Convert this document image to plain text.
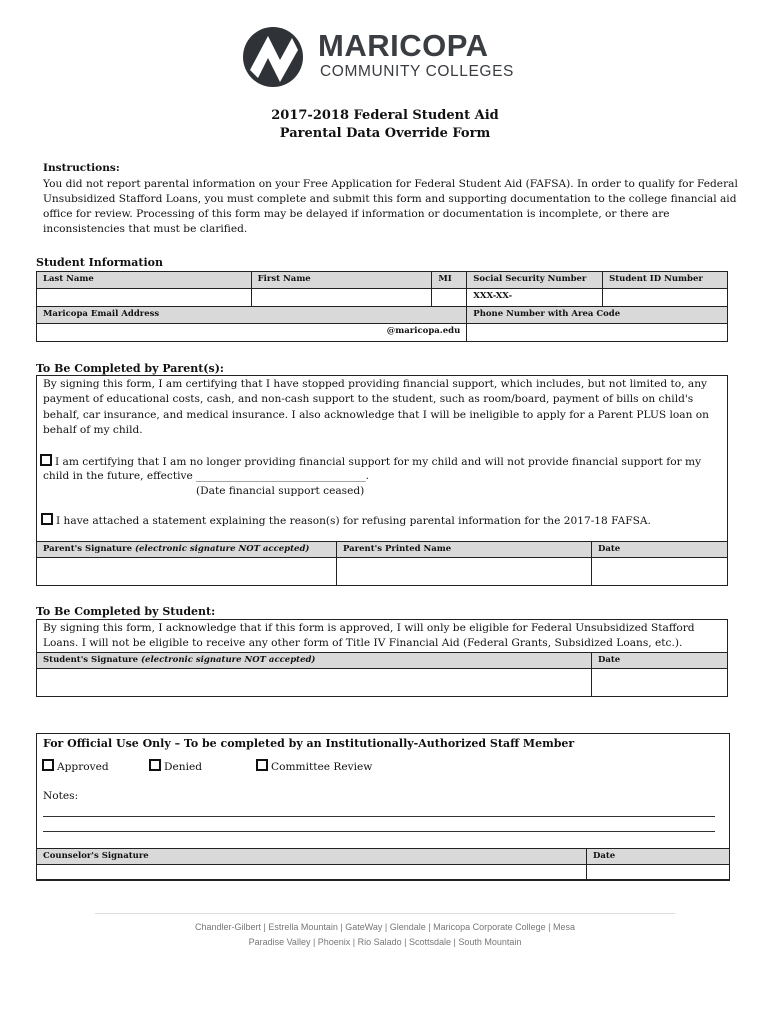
MARICOPA
COMMUNITY COLLEGES
2017-2018 Federal Student Aid
Parental Data Override Form
Instructions:
You did not report parental information on your Free Application for Federal Student Aid (FAFSA). In order to qualify for Federal
Unsubsidized Stafford Loans, you must complete and submit this form and supporting documentation to the college financial aid
office for review. Processing of this form may be delayed if information or documentation is incomplete, or there are
inconsistencies that must be clarified.
Student Information
Last Name	First Name	MI	Social Security Number	Student ID Number
			XXX-XX-	
Maricopa Email Address			Phone Number with Area Code	
@maricopa.edu				
To Be Completed by Parent(s):
By signing this form, I am certifying that I have stopped providing financial support, which includes, but not limited to, any
payment of educational costs, cash, and non-cash support to the student, such as room/board, payment of bills on child's
behalf, car insurance, and medical insurance. I also acknowledge that I will be ineligible to apply for a Parent PLUS loan on
behalf of my child.
I am certifying that I am no longer providing financial support for my child and will not provide financial support for my
child in the future, effective ________________________________.
(Date financial support ceased)
I have attached a statement explaining the reason(s) for refusing parental information for the 2017-18 FAFSA.
Parent's Signature (electronic signature NOT accepted)	Parent's Printed Name	Date

To Be Completed by Student:
By signing this form, I acknowledge that if this form is approved, I will only be eligible for Federal Unsubsidized Stafford
Loans. I will not be eligible to receive any other form of Title IV Financial Aid (Federal Grants, Subsidized Loans, etc.).
Student's Signature (electronic signature NOT accepted)	Date

For Official Use Only – To be completed by an Institutionally-Authorized Staff Member
Approved	Denied	Committee Review
Notes:
Counselor's Signature	Date

Chandler-Gilbert | Estrella Mountain | GateWay | Glendale | Maricopa Corporate College | Mesa
Paradise Valley | Phoenix | Rio Salado | Scottsdale | South Mountain
